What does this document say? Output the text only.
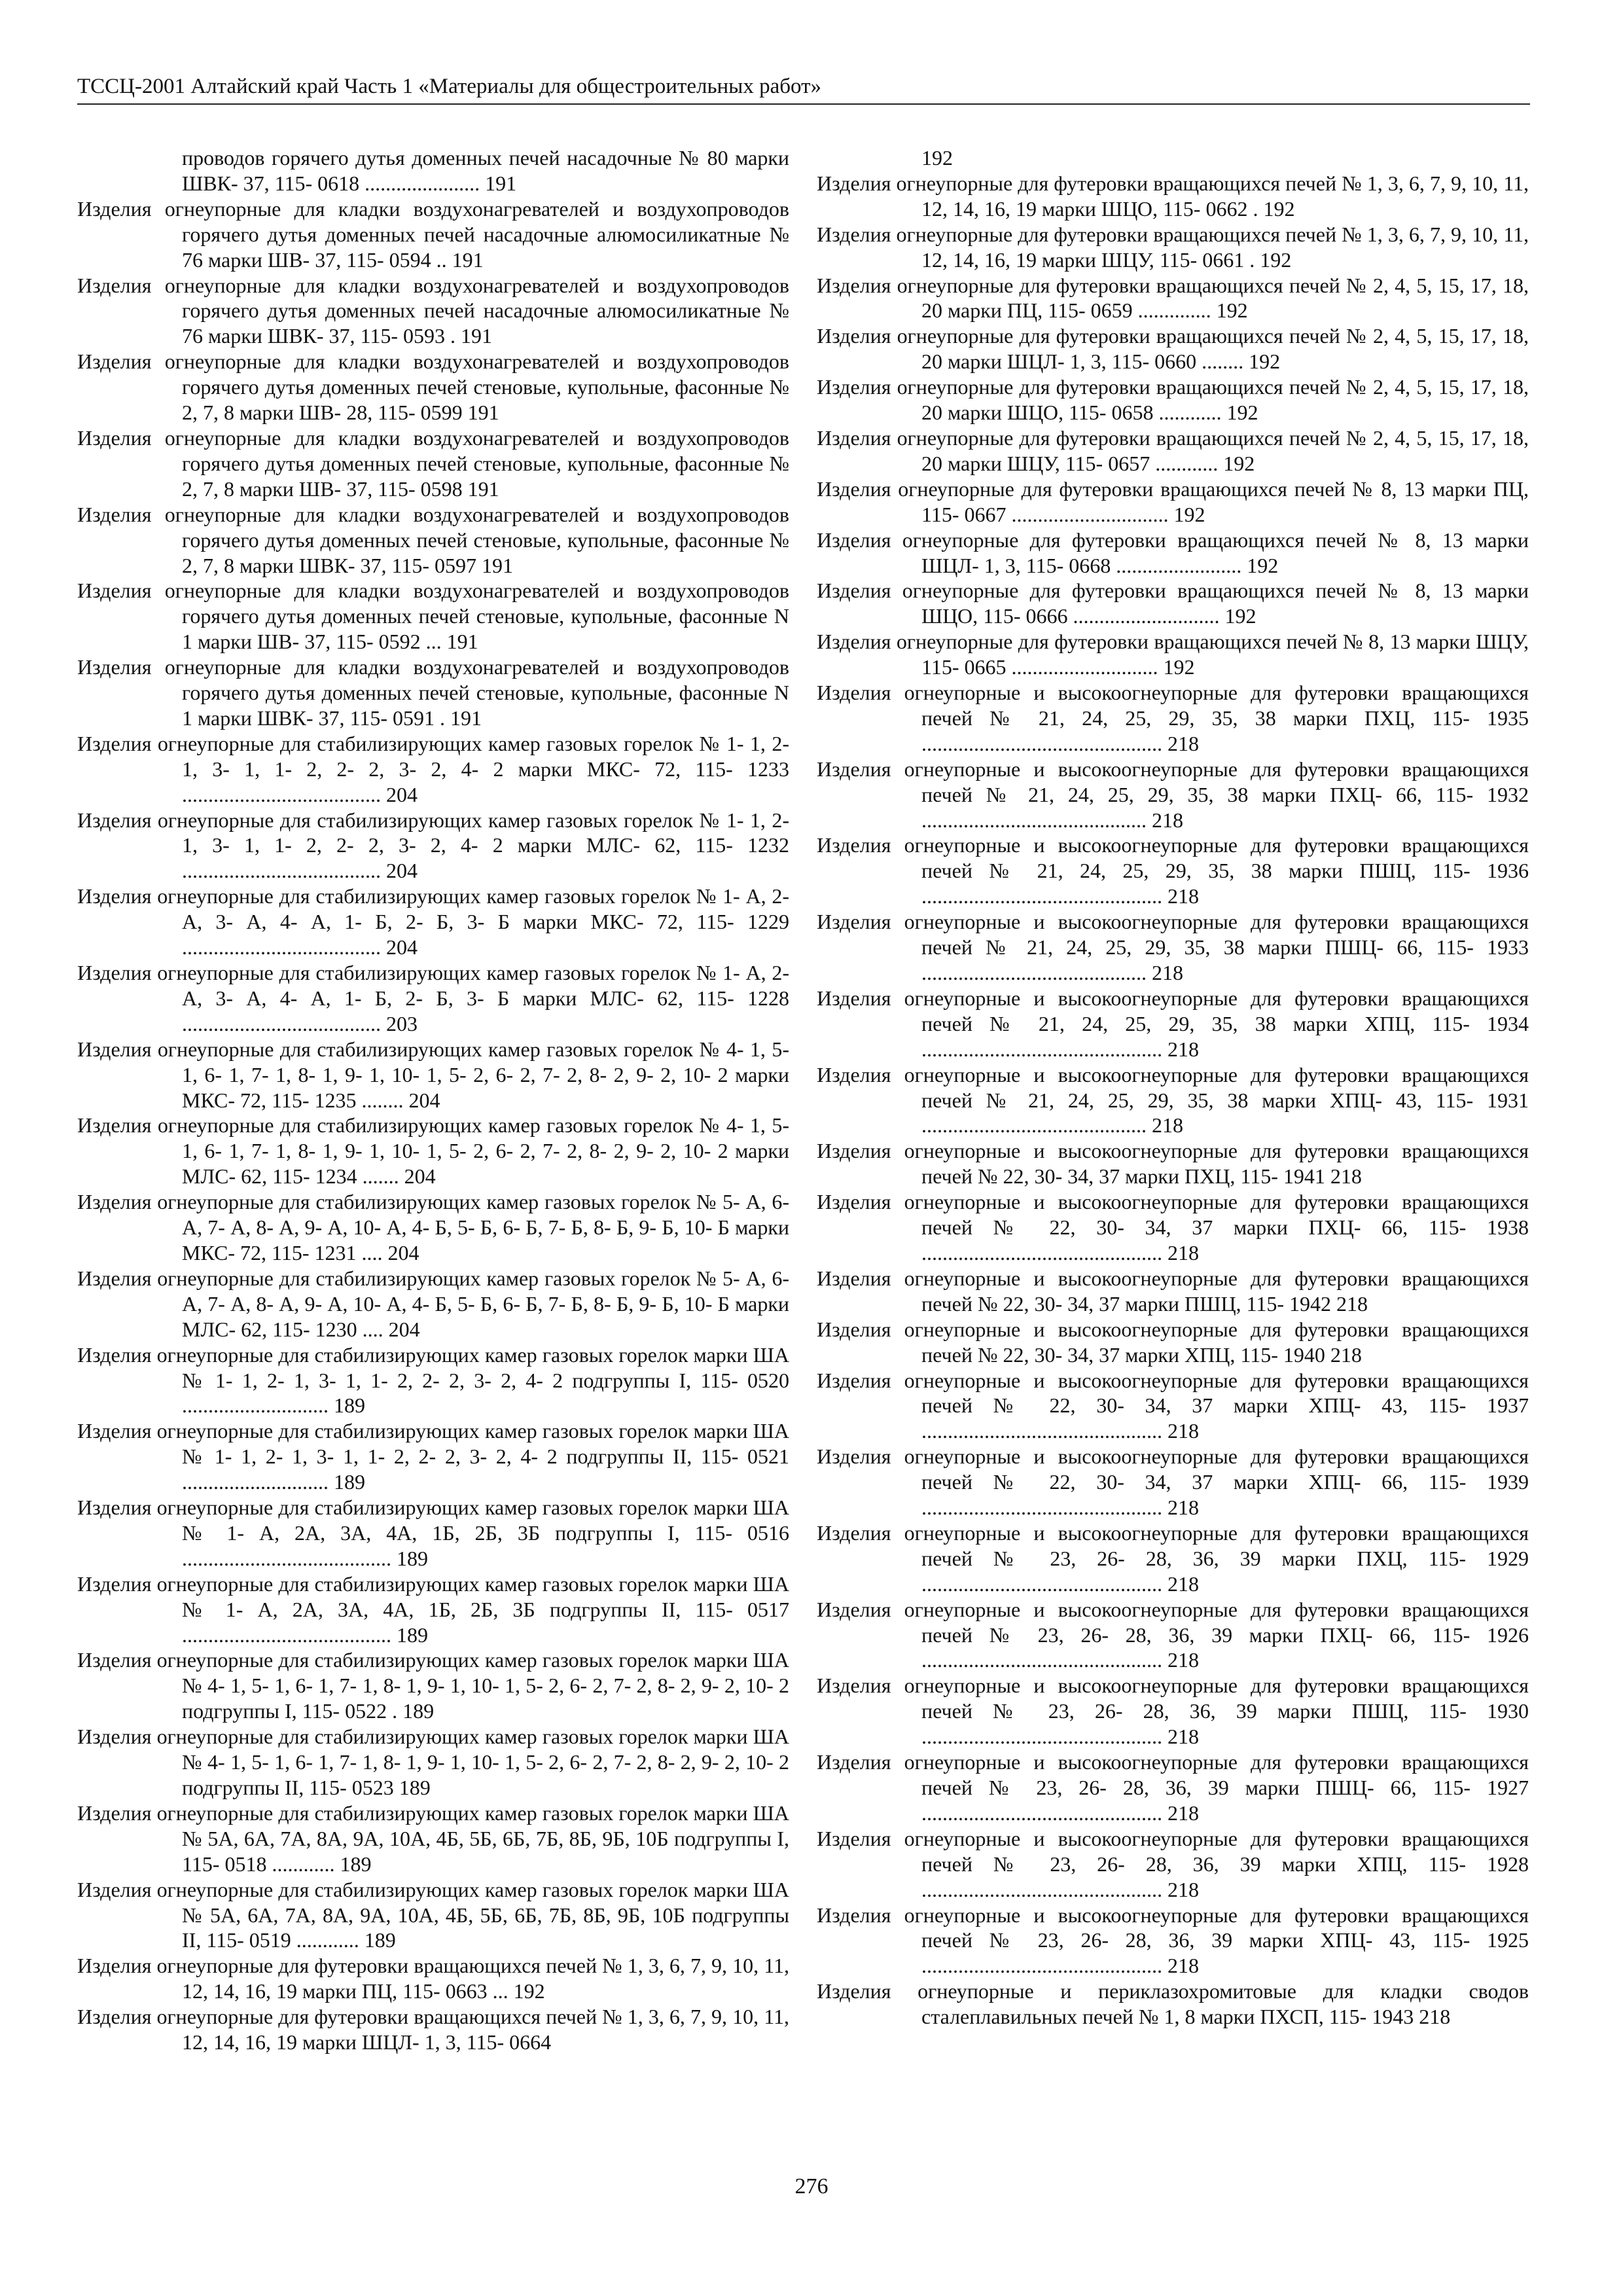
ТССЦ-2001 Алтайский край Часть 1 «Материалы для общестроительных работ»
проводов горячего дутья доменных печей насадочные № 80 марки ШВК- 37, 115- 0618 ...................... 191
Изделия огнеупорные для кладки воздухонагревателей и воздухопроводов горячего дутья доменных печей насадочные алюмосиликатные № 76 марки ШВ- 37, 115- 0594 .. 191
Изделия огнеупорные для кладки воздухонагревателей и воздухопроводов горячего дутья доменных печей насадочные алюмосиликатные № 76 марки ШВК- 37, 115- 0593 . 191
Изделия огнеупорные для кладки воздухонагревателей и воздухопроводов горячего дутья доменных печей стеновые, купольные, фасонные № 2, 7, 8 марки ШВ- 28, 115- 0599 191
Изделия огнеупорные для кладки воздухонагревателей и воздухопроводов горячего дутья доменных печей стеновые, купольные, фасонные № 2, 7, 8 марки ШВ- 37, 115- 0598 191
Изделия огнеупорные для кладки воздухонагревателей и воздухопроводов горячего дутья доменных печей стеновые, купольные, фасонные № 2, 7, 8 марки ШВК- 37, 115- 0597 191
Изделия огнеупорные для кладки воздухонагревателей и воздухопроводов горячего дутья доменных печей стеновые, купольные, фасонные N 1 марки ШВ- 37, 115- 0592 ... 191
Изделия огнеупорные для кладки воздухонагревателей и воздухопроводов горячего дутья доменных печей стеновые, купольные, фасонные N 1 марки ШВК- 37, 115- 0591 . 191
Изделия огнеупорные для стабилизирующих камер газовых горелок № 1- 1, 2- 1, 3- 1, 1- 2, 2- 2, 3- 2, 4- 2 марки МКС- 72, 115- 1233 ...................................... 204
Изделия огнеупорные для стабилизирующих камер газовых горелок № 1- 1, 2- 1, 3- 1, 1- 2, 2- 2, 3- 2, 4- 2 марки МЛС- 62, 115- 1232 ...................................... 204
Изделия огнеупорные для стабилизирующих камер газовых горелок № 1- А, 2- А, 3- А, 4- А, 1- Б, 2- Б, 3- Б марки МКС- 72, 115- 1229 ...................................... 204
Изделия огнеупорные для стабилизирующих камер газовых горелок № 1- А, 2- А, 3- А, 4- А, 1- Б, 2- Б, 3- Б марки МЛС- 62, 115- 1228 ...................................... 203
Изделия огнеупорные для стабилизирующих камер газовых горелок № 4- 1, 5- 1, 6- 1, 7- 1, 8- 1, 9- 1, 10- 1, 5- 2, 6- 2, 7- 2, 8- 2, 9- 2, 10- 2 марки МКС- 72, 115- 1235 ........ 204
Изделия огнеупорные для стабилизирующих камер газовых горелок № 4- 1, 5- 1, 6- 1, 7- 1, 8- 1, 9- 1, 10- 1, 5- 2, 6- 2, 7- 2, 8- 2, 9- 2, 10- 2 марки МЛС- 62, 115- 1234 ....... 204
Изделия огнеупорные для стабилизирующих камер газовых горелок № 5- А, 6- А, 7- А, 8- А, 9- А, 10- А, 4- Б, 5- Б, 6- Б, 7- Б, 8- Б, 9- Б, 10- Б марки МКС- 72, 115- 1231 .... 204
Изделия огнеупорные для стабилизирующих камер газовых горелок № 5- А, 6- А, 7- А, 8- А, 9- А, 10- А, 4- Б, 5- Б, 6- Б, 7- Б, 8- Б, 9- Б, 10- Б марки МЛС- 62, 115- 1230 .... 204
Изделия огнеупорные для стабилизирующих камер газовых горелок марки ША № 1- 1, 2- 1, 3- 1, 1- 2, 2- 2, 3- 2, 4- 2 подгруппы I, 115- 0520 ............................ 189
Изделия огнеупорные для стабилизирующих камер газовых горелок марки ША № 1- 1, 2- 1, 3- 1, 1- 2, 2- 2, 3- 2, 4- 2 подгруппы II, 115- 0521 ............................ 189
Изделия огнеупорные для стабилизирующих камер газовых горелок марки ША № 1- А, 2А, 3А, 4А, 1Б, 2Б, 3Б подгруппы I, 115- 0516 ........................................ 189
Изделия огнеупорные для стабилизирующих камер газовых горелок марки ША № 1- А, 2А, 3А, 4А, 1Б, 2Б, 3Б подгруппы II, 115- 0517 ........................................ 189
Изделия огнеупорные для стабилизирующих камер газовых горелок марки ША № 4- 1, 5- 1, 6- 1, 7- 1, 8- 1, 9- 1, 10- 1, 5- 2, 6- 2, 7- 2, 8- 2, 9- 2, 10- 2 подгруппы I, 115- 0522 . 189
Изделия огнеупорные для стабилизирующих камер газовых горелок марки ША № 4- 1, 5- 1, 6- 1, 7- 1, 8- 1, 9- 1, 10- 1, 5- 2, 6- 2, 7- 2, 8- 2, 9- 2, 10- 2 подгруппы II, 115- 0523 189
Изделия огнеупорные для стабилизирующих камер газовых горелок марки ША № 5А, 6А, 7А, 8А, 9А, 10А, 4Б, 5Б, 6Б, 7Б, 8Б, 9Б, 10Б подгруппы I, 115- 0518 ............ 189
Изделия огнеупорные для стабилизирующих камер газовых горелок марки ША № 5А, 6А, 7А, 8А, 9А, 10А, 4Б, 5Б, 6Б, 7Б, 8Б, 9Б, 10Б подгруппы II, 115- 0519 ............ 189
Изделия огнеупорные для футеровки вращающихся печей № 1, 3, 6, 7, 9, 10, 11, 12, 14, 16, 19 марки ПЦ, 115- 0663 ... 192
Изделия огнеупорные для футеровки вращающихся печей № 1, 3, 6, 7, 9, 10, 11, 12, 14, 16, 19 марки ШЦЛ- 1, 3, 115- 0664
192
Изделия огнеупорные для футеровки вращающихся печей № 1, 3, 6, 7, 9, 10, 11, 12, 14, 16, 19 марки ШЦО, 115- 0662 . 192
Изделия огнеупорные для футеровки вращающихся печей № 1, 3, 6, 7, 9, 10, 11, 12, 14, 16, 19 марки ШЦУ, 115- 0661 . 192
Изделия огнеупорные для футеровки вращающихся печей № 2, 4, 5, 15, 17, 18, 20 марки ПЦ, 115- 0659 .............. 192
Изделия огнеупорные для футеровки вращающихся печей № 2, 4, 5, 15, 17, 18, 20 марки ШЦЛ- 1, 3, 115- 0660 ........ 192
Изделия огнеупорные для футеровки вращающихся печей № 2, 4, 5, 15, 17, 18, 20 марки ШЦО, 115- 0658 ............ 192
Изделия огнеупорные для футеровки вращающихся печей № 2, 4, 5, 15, 17, 18, 20 марки ШЦУ, 115- 0657 ............ 192
Изделия огнеупорные для футеровки вращающихся печей № 8, 13 марки ПЦ, 115- 0667 .............................. 192
Изделия огнеупорные для футеровки вращающихся печей № 8, 13 марки ШЦЛ- 1, 3, 115- 0668 ........................ 192
Изделия огнеупорные для футеровки вращающихся печей № 8, 13 марки ШЦО, 115- 0666 ............................ 192
Изделия огнеупорные для футеровки вращающихся печей № 8, 13 марки ШЦУ, 115- 0665 ............................ 192
Изделия огнеупорные и высокоогнеупорные для футеровки вращающихся печей № 21, 24, 25, 29, 35, 38 марки ПХЦ, 115- 1935 .............................................. 218
Изделия огнеупорные и высокоогнеупорные для футеровки вращающихся печей № 21, 24, 25, 29, 35, 38 марки ПХЦ- 66, 115- 1932 ........................................... 218
Изделия огнеупорные и высокоогнеупорные для футеровки вращающихся печей № 21, 24, 25, 29, 35, 38 марки ПШЦ, 115- 1936 .............................................. 218
Изделия огнеупорные и высокоогнеупорные для футеровки вращающихся печей № 21, 24, 25, 29, 35, 38 марки ПШЦ- 66, 115- 1933 ........................................... 218
Изделия огнеупорные и высокоогнеупорные для футеровки вращающихся печей № 21, 24, 25, 29, 35, 38 марки ХПЦ, 115- 1934 .............................................. 218
Изделия огнеупорные и высокоогнеупорные для футеровки вращающихся печей № 21, 24, 25, 29, 35, 38 марки ХПЦ- 43, 115- 1931 ........................................... 218
Изделия огнеупорные и высокоогнеупорные для футеровки вращающихся печей № 22, 30- 34, 37 марки ПХЦ, 115- 1941 218
Изделия огнеупорные и высокоогнеупорные для футеровки вращающихся печей № 22, 30- 34, 37 марки ПХЦ- 66, 115- 1938 .............................................. 218
Изделия огнеупорные и высокоогнеупорные для футеровки вращающихся печей № 22, 30- 34, 37 марки ПШЦ, 115- 1942 218
Изделия огнеупорные и высокоогнеупорные для футеровки вращающихся печей № 22, 30- 34, 37 марки ХПЦ, 115- 1940 218
Изделия огнеупорные и высокоогнеупорные для футеровки вращающихся печей № 22, 30- 34, 37 марки ХПЦ- 43, 115- 1937 .............................................. 218
Изделия огнеупорные и высокоогнеупорные для футеровки вращающихся печей № 22, 30- 34, 37 марки ХПЦ- 66, 115- 1939 .............................................. 218
Изделия огнеупорные и высокоогнеупорные для футеровки вращающихся печей № 23, 26- 28, 36, 39 марки ПХЦ, 115- 1929 .............................................. 218
Изделия огнеупорные и высокоогнеупорные для футеровки вращающихся печей № 23, 26- 28, 36, 39 марки ПХЦ- 66, 115- 1926 .............................................. 218
Изделия огнеупорные и высокоогнеупорные для футеровки вращающихся печей № 23, 26- 28, 36, 39 марки ПШЦ, 115- 1930 .............................................. 218
Изделия огнеупорные и высокоогнеупорные для футеровки вращающихся печей № 23, 26- 28, 36, 39 марки ПШЦ- 66, 115- 1927 .............................................. 218
Изделия огнеупорные и высокоогнеупорные для футеровки вращающихся печей № 23, 26- 28, 36, 39 марки ХПЦ, 115- 1928 .............................................. 218
Изделия огнеупорные и высокоогнеупорные для футеровки вращающихся печей № 23, 26- 28, 36, 39 марки ХПЦ- 43, 115- 1925 .............................................. 218
Изделия огнеупорные и периклазохромитовые для кладки сводов сталеплавильных печей № 1, 8 марки ПХСП, 115- 1943 218
276
